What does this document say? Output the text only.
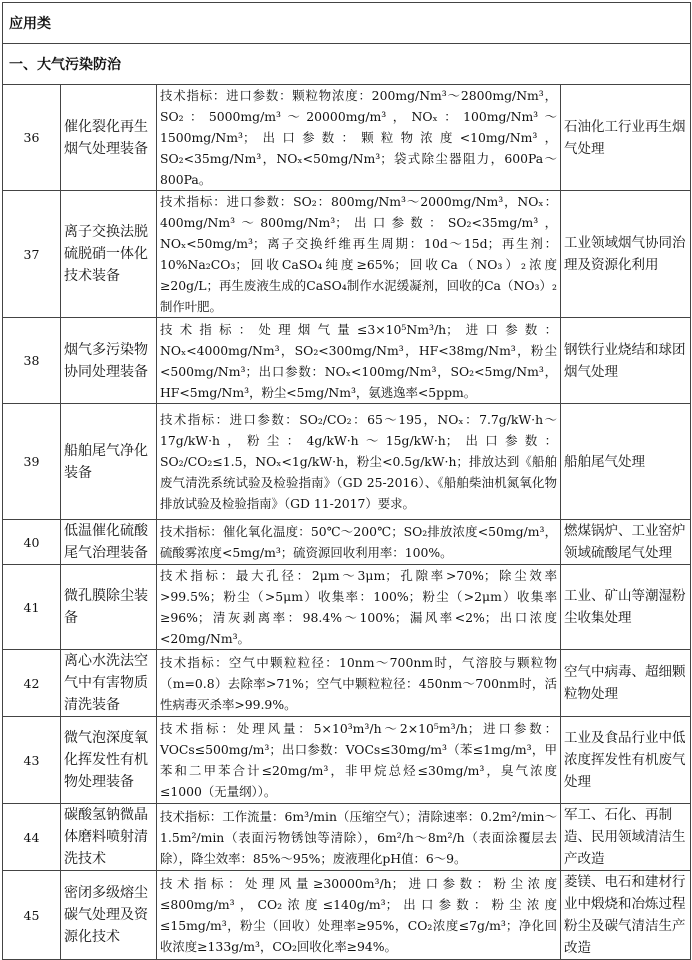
应用类			
一、大气污染防治			
36	催化裂化再生烟气处理装备	技术指标：进口参数：颗粒物浓度：200mg/Nm³～2800mg/Nm³，SO₂：5000mg/m³～20000mg/m³，NOₓ：100mg/Nm³～1500mg/Nm³；出口参数：颗粒物浓度<10mg/Nm³，SO₂<35mg/Nm³，NOₓ<50mg/Nm³；袋式除尘器阻力，600Pa～800Pa。	石油化工行业再生烟气处理
37	离子交换法脱硫脱硝一体化技术装备	技术指标：进口参数：SO₂：800mg/Nm³～2000mg/Nm³，NOₓ：400mg/Nm³～800mg/Nm³；出口参数：SO₂<35mg/m³，NOₓ<50mg/m³；离子交换纤维再生周期：10d～15d；再生剂：10%Na₂CO₃；回收CaSO₄纯度≥65%；回收Ca（NO₃）₂浓度≥20g/L；再生废液生成的CaSO₄制作水泥缓凝剂，回收的Ca（NO₃）₂制作叶肥。	工业领域烟气协同治理及资源化利用
38	烟气多污染物协同处理装备	技术指标：处理烟气量≤3×10⁵Nm³/h；进口参数：NOₓ<4000mg/Nm³，SO₂<300mg/Nm³，HF<38mg/Nm³，粉尘<500mg/Nm³；出口参数：NOₓ<100mg/Nm³，SO₂<5mg/Nm³，HF<5mg/Nm³，粉尘<5mg/Nm³，氨逃逸率<5ppm。	钢铁行业烧结和球团烟气处理
39	船舶尾气净化装备	技术指标：进口参数：SO₂/CO₂：65～195，NOₓ：7.7g/kW·h～17g/kW·h，粉尘：4g/kW·h～15g/kW·h；出口参数：SO₂/CO₂≤1.5，NOₓ<1g/kW·h，粉尘<0.5g/kW·h；排放达到《船舶废气清洗系统试验及检验指南》（GD 25-2016）、《船舶柴油机氮氧化物排放试验及检验指南》（GD 11-2017）要求。	船舶尾气处理
40	低温催化硫酸尾气治理装备	技术指标：催化氧化温度：50℃～200℃；SO₂排放浓度<50mg/m³，硫酸雾浓度<5mg/m³；硫资源回收利用率：100%。	燃煤锅炉、工业窑炉领域硫酸尾气处理
41	微孔膜除尘装备	技术指标：最大孔径：2μm～3μm；孔隙率>70%；除尘效率>99.5%；粉尘（>5μm）收集率：100%；粉尘（>2μm）收集率≥96%；清灰剥离率：98.4%～100%；漏风率<2%；出口浓度<20mg/Nm³。	工业、矿山等潮湿粉尘收集处理
42	离心水洗法空气中有害物质清洗装备	技术指标：空气中颗粒粒径：10nm～700nm时，气溶胶与颗粒物（m=0.8）去除率>71%；空气中颗粒粒径：450nm～700nm时，活性病毒灭杀率>99.9%。	空气中病毒、超细颗粒物处理
43	微气泡深度氧化挥发性有机物处理装备	技术指标：处理风量：5×10³m³/h～2×10⁵m³/h；进口参数：VOCs≤500mg/m³；出口参数：VOCs≤30mg/m³（苯≤1mg/m³，甲苯和二甲苯合计≤20mg/m³，非甲烷总烃≤30mg/m³，臭气浓度≤1000（无量纲））。	工业及食品行业中低浓度挥发性有机废气处理
44	碳酸氢钠微晶体磨料喷射清洗技术	技术指标：工作流量：6m³/min（压缩空气）；清除速率：0.2m²/min～1.5m²/min（表面污物锈蚀等清除），6m²/h～8m²/h（表面涂覆层去除），降尘效率：85%～95%；废液理化pH值：6～9。	军工、石化、再制造、民用领域清洁生产改造
45	密闭多级熔尘碳气处理及资源化技术	技术指标：处理风量≥30000m³/h；进口参数：粉尘浓度≤800mg/m³，CO₂浓度≤140g/m³；出口参数：粉尘浓度≤15mg/m³，粉尘（回收）处理率≥95%，CO₂浓度≤7g/m³；净化回收浓度≥133g/m³，CO₂回收化率≥94%。	菱镁、电石和建材行业中煅烧和冶炼过程粉尘及碳气清洁生产改造
